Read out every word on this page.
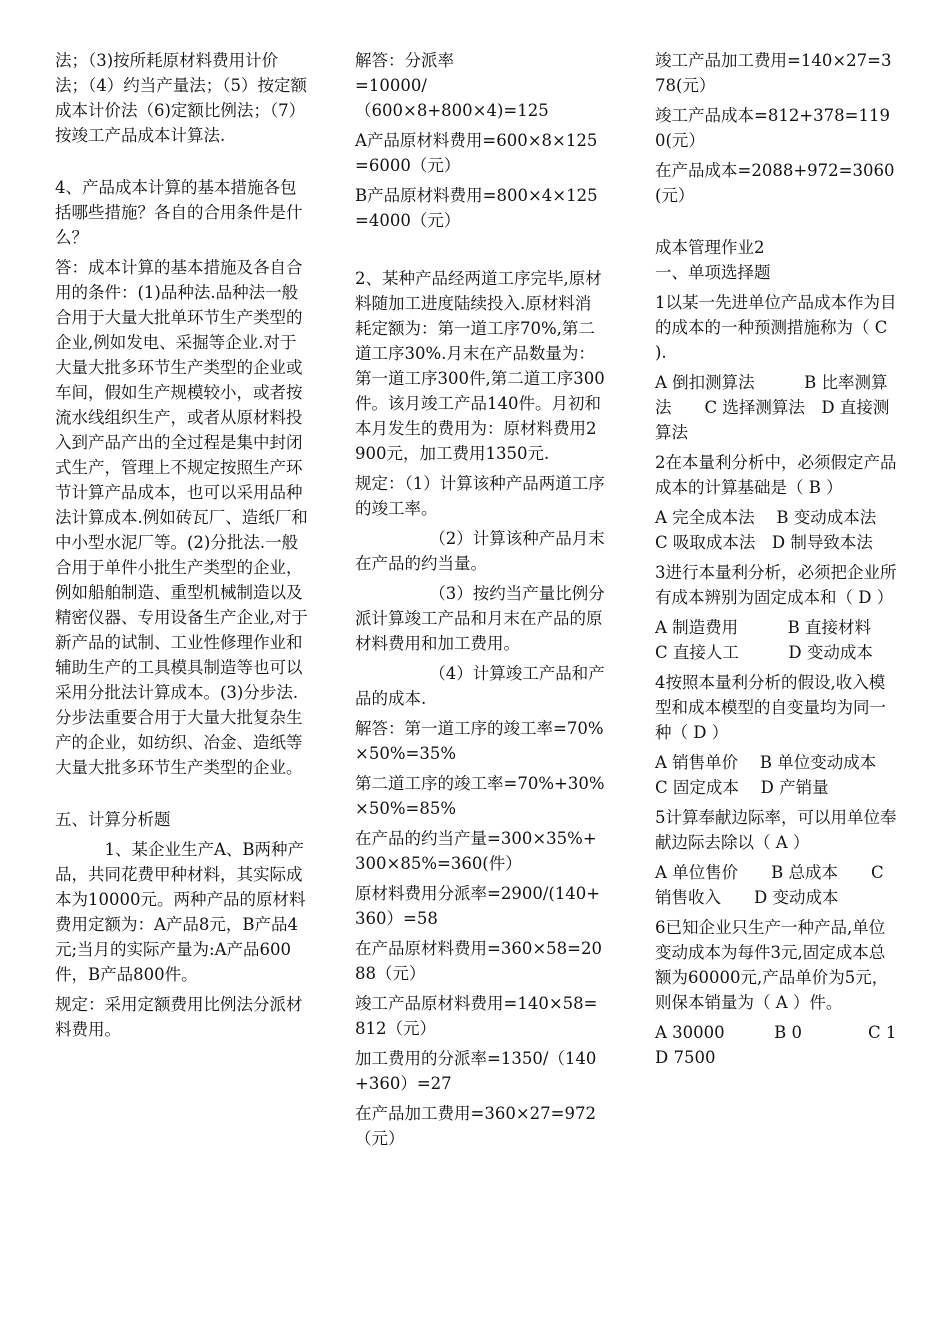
法；（3)按所耗原材料费用计价法；（4）约当产量法；（5）按定额成本计价法（6)定额比例法；（7）按竣工产品成本计算法.

4、产品成本计算的基本措施各包括哪些措施？各自的合用条件是什么？

答：成本计算的基本措施及各自合用的条件：(1)品种法.品种法一般合用于大量大批单环节生产类型的企业,例如发电、采掘等企业.对于大量大批多环节生产类型的企业或车间，假如生产规模较小，或者按流水线组织生产，或者从原材料投入到产品产出的全过程是集中封闭式生产，管理上不规定按照生产环节计算产品成本，也可以采用品种法计算成本.例如砖瓦厂、造纸厂和中小型水泥厂等。(2)分批法.一般合用于单件小批生产类型的企业，例如船舶制造、重型机械制造以及精密仪器、专用设备生产企业,对于新产品的试制、工业性修理作业和辅助生产的工具模具制造等也可以采用分批法计算成本。(3)分步法.分步法重要合用于大量大批复杂生产的企业，如纺织、冶金、造纸等大量大批多环节生产类型的企业。

五、计算分析题

　　　1、某企业生产A、B两种产品，共同花费甲种材料，其实际成本为10000元。两种产品的原材料费用定额为：A产品8元，B产品4元;当月的实际产量为:A产品600件，B产品800件。

规定：采用定额费用比例法分派材料费用。

解答：分派率

=10000/

（600×8+800×4)=125

A产品原材料费用=600×8×125=6000（元）

B产品原材料费用=800×4×125=4000（元）

2、某种产品经两道工序完毕,原材料随加工进度陆续投入.原材料消耗定额为：第一道工序70%,第二道工序30%.月末在产品数量为：第一道工序300件,第二道工序300件。该月竣工产品140件。月初和本月发生的费用为：原材料费用2900元，加工费用1350元.

规定：（1）计算该种产品两道工序的竣工率。

　　　　　（2）计算该种产品月末在产品的约当量。

　　　　　（3）按约当产量比例分派计算竣工产品和月末在产品的原材料费用和加工费用。

　　　　　（4）计算竣工产品和产品的成本.

解答：第一道工序的竣工率=70%×50%=35%

第二道工序的竣工率=70%+30%×50%=85%

在产品的约当产量=300×35%+300×85%=360(件）

原材料费用分派率=2900/(140+360）=58

在产品原材料费用=360×58=2088（元）

竣工产品原材料费用=140×58=812（元）

加工费用的分派率=1350/（140+360）=27

在产品加工费用=360×27=972（元）

竣工产品加工费用=140×27=378(元）

竣工产品成本=812+378=1190(元）

在产品成本=2088+972=3060(元）

成本管理作业2

一、单项选择题

1以某一先进单位产品成本作为目的成本的一种预测措施称为（ C ).

A 倒扣测算法　　　B 比率测算法　　C 选择测算法　D 直接测算法

2在本量利分析中，必须假定产品成本的计算基础是（ B ）

A 完全成本法　 B 变动成本法　　C 吸取成本法　D 制导致本法

3进行本量利分析，必须把企业所有成本辨别为固定成本和（ D ）

A 制造费用　　　B 直接材料　　　C 直接人工　　　D 变动成本

4按照本量利分析的假设,收入模型和成本模型的自变量均为同一种（ D ）

A 销售单价　 B 单位变动成本　 C 固定成本　 D 产销量

5计算奉献边际率，可以用单位奉献边际去除以（ A ）

A 单位售价　　B 总成本　　C 销售收入　　D 变动成本

6已知企业只生产一种产品,单位变动成本为每件3元,固定成本总额为60000元,产品单价为5元，则保本销量为（ A ）件。

A 30000　　　B 0　　　　C 1　　　D 7500
